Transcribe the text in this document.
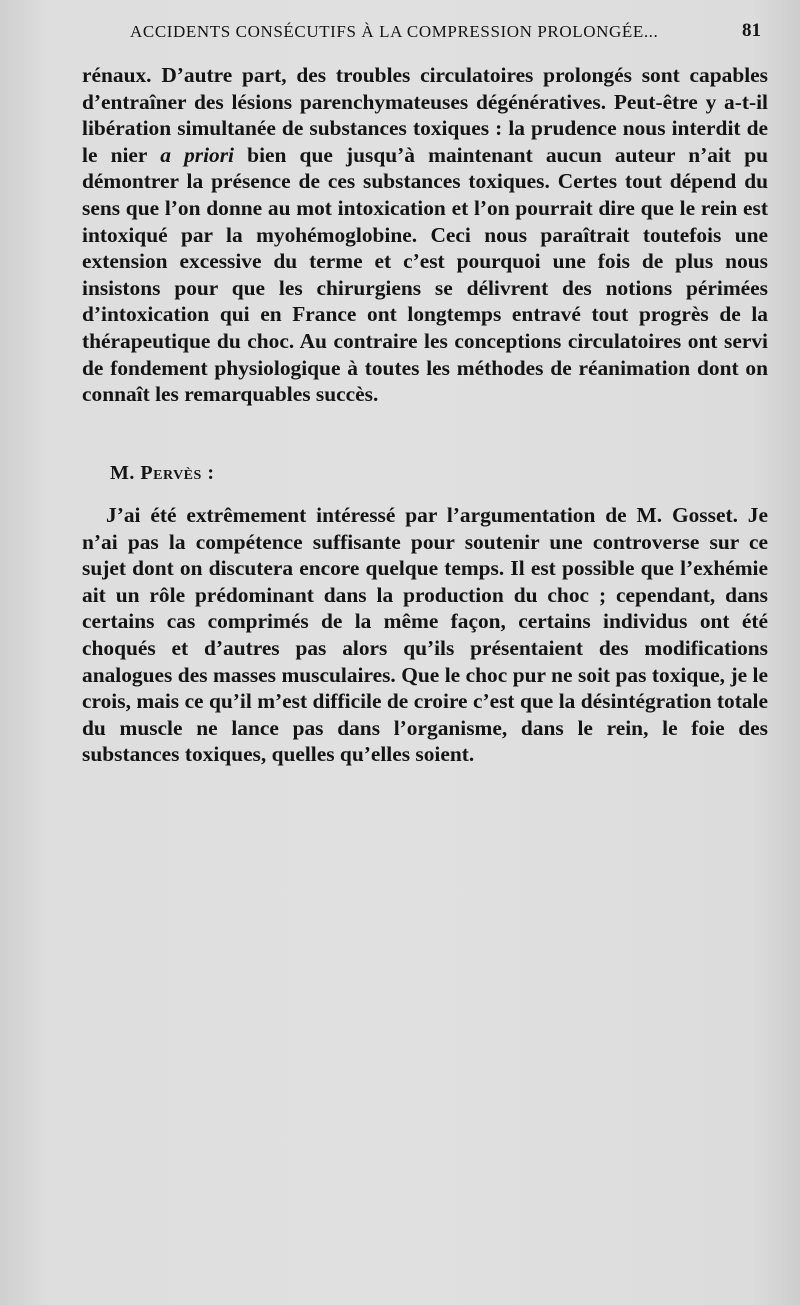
ACCIDENTS CONSÉCUTIFS À LA COMPRESSION PROLONGÉE...	81
rénaux. D’autre part, des troubles circulatoires prolongés sont capables d’entraîner des lésions parenchymateuses dégénératives. Peut-être y a-t-il libération simultanée de substances toxiques : la prudence nous interdit de le nier a priori bien que jusqu’à maintenant aucun auteur n’ait pu démontrer la présence de ces substances toxiques. Certes tout dépend du sens que l’on donne au mot intoxication et l’on pourrait dire que le rein est intoxiqué par la myohémoglobine. Ceci nous paraîtrait toutefois une extension excessive du terme et c’est pourquoi une fois de plus nous insistons pour que les chirurgiens se délivrent des notions périmées d’intoxication qui en France ont longtemps entravé tout progrès de la thérapeutique du choc. Au contraire les conceptions circulatoires ont servi de fondement physiologique à toutes les méthodes de réanimation dont on connaît les remarquables succès.
M. Pervès :
J’ai été extrêmement intéressé par l’argumentation de M. Gosset. Je n’ai pas la compétence suffisante pour soutenir une controverse sur ce sujet dont on discutera encore quelque temps. Il est possible que l’exhémie ait un rôle prédominant dans la production du choc ; cependant, dans certains cas comprimés de la même façon, certains individus ont été choqués et d’autres pas alors qu’ils présentaient des modifications analogues des masses musculaires. Que le choc pur ne soit pas toxique, je le crois, mais ce qu’il m’est difficile de croire c’est que la désintégration totale du muscle ne lance pas dans l’organisme, dans le rein, le foie des substances toxiques, quelles qu’elles soient.
